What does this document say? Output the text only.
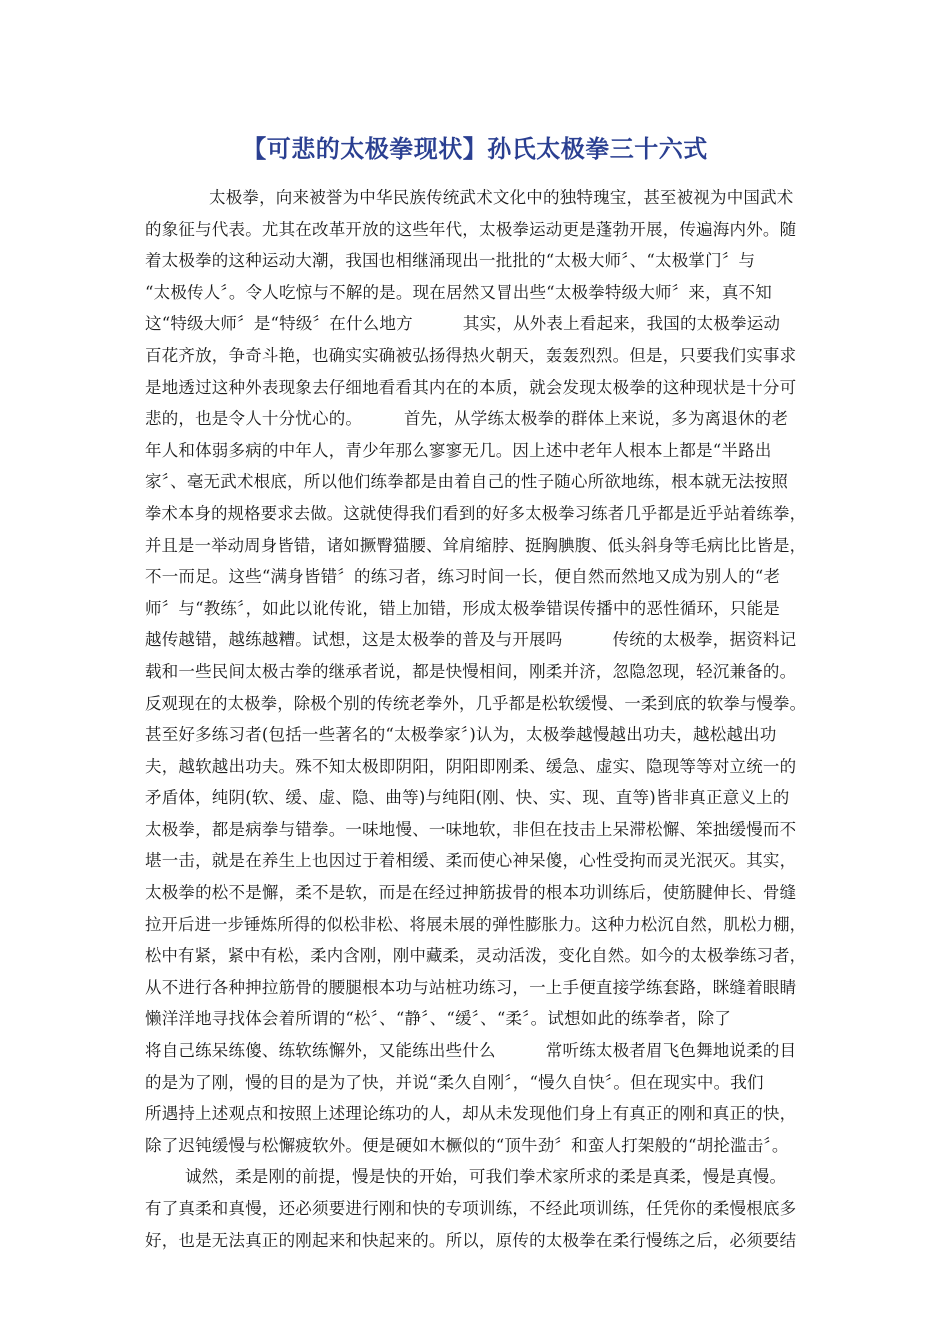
【可悲的太极拳现状】孙氏太极拳三十六式
太极拳，向来被誉为中华民族传统武术文化中的独特瑰宝，甚至被视为中国武术
的象征与代表。尤其在改革开放的这些年代，太极拳运动更是蓬勃开展，传遍海内外。随
着太极拳的这种运动大潮，我国也相继涌现出一批批的“太极大师〞、“太极掌门〞与
“太极传人〞。令人吃惊与不解的是。现在居然又冒出些“太极拳特级大师〞来，真不知
这“特级大师〞是“特级〞在什么地方　　　其实，从外表上看起来，我国的太极拳运动
百花齐放，争奇斗艳，也确实实确被弘扬得热火朝天，轰轰烈烈。但是，只要我们实事求
是地透过这种外表现象去仔细地看看其内在的本质，就会发现太极拳的这种现状是十分可
悲的，也是令人十分忧心的。　　　首先，从学练太极拳的群体上来说，多为离退休的老
年人和体弱多病的中年人，青少年那么寥寥无几。因上述中老年人根本上都是“半路出
家〞、毫无武术根底，所以他们练拳都是由着自己的性子随心所欲地练，根本就无法按照
拳术本身的规格要求去做。这就使得我们看到的好多太极拳习练者几乎都是近乎站着练拳，
并且是一举动周身皆错，诸如撅臀猫腰、耸肩缩脖、挺胸腆腹、低头斜身等毛病比比皆是，
不一而足。这些“满身皆错〞的练习者，练习时间一长，便自然而然地又成为别人的“老
师〞与“教练〞，如此以讹传讹，错上加错，形成太极拳错误传播中的恶性循环，只能是
越传越错，越练越糟。试想，这是太极拳的普及与开展吗　　　传统的太极拳，据资料记
载和一些民间太极古拳的继承者说，都是快慢相间，刚柔并济，忽隐忽现，轻沉兼备的。
反观现在的太极拳，除极个别的传统老拳外，几乎都是松软缓慢、一柔到底的软拳与慢拳。
甚至好多练习者(包括一些著名的“太极拳家〞)认为，太极拳越慢越出功夫，越松越出功
夫，越软越出功夫。殊不知太极即阴阳，阴阳即刚柔、缓急、虚实、隐现等等对立统一的
矛盾体，纯阴(软、缓、虚、隐、曲等)与纯阳(刚、快、实、现、直等)皆非真正意义上的
太极拳，都是病拳与错拳。一味地慢、一味地软，非但在技击上呆滞松懈、笨拙缓慢而不
堪一击，就是在养生上也因过于着相缓、柔而使心神呆傻，心性受拘而灵光泯灭。其实，
太极拳的松不是懈，柔不是软，而是在经过抻筋拔骨的根本功训练后，使筋腱伸长、骨缝
拉开后进一步锤炼所得的似松非松、将展未展的弹性膨胀力。这种力松沉自然，肌松力棚，
松中有紧，紧中有松，柔内含刚，刚中藏柔，灵动活泼，变化自然。如今的太极拳练习者，
从不进行各种抻拉筋骨的腰腿根本功与站桩功练习，一上手便直接学练套路，眯缝着眼睛
懒洋洋地寻找体会着所谓的“松〞、“静〞、“缓〞、“柔〞。试想如此的练拳者，除了
将自己练呆练傻、练软练懈外，又能练出些什么　　　常听练太极者眉飞色舞地说柔的目
的是为了刚，慢的目的是为了快，并说“柔久自刚〞，“慢久自快〞。但在现实中。我们
所遇持上述观点和按照上述理论练功的人，却从未发现他们身上有真正的刚和真正的快，
除了迟钝缓慢与松懈疲软外。便是硬如木橛似的“顶牛劲〞和蛮人打架般的“胡抡滥击〞。
诚然，柔是刚的前提，慢是快的开始，可我们拳术家所求的柔是真柔，慢是真慢。
有了真柔和真慢，还必须要进行刚和快的专项训练，不经此项训练，任凭你的柔慢根底多
好，也是无法真正的刚起来和快起来的。所以，原传的太极拳在柔行慢练之后，必须要结
